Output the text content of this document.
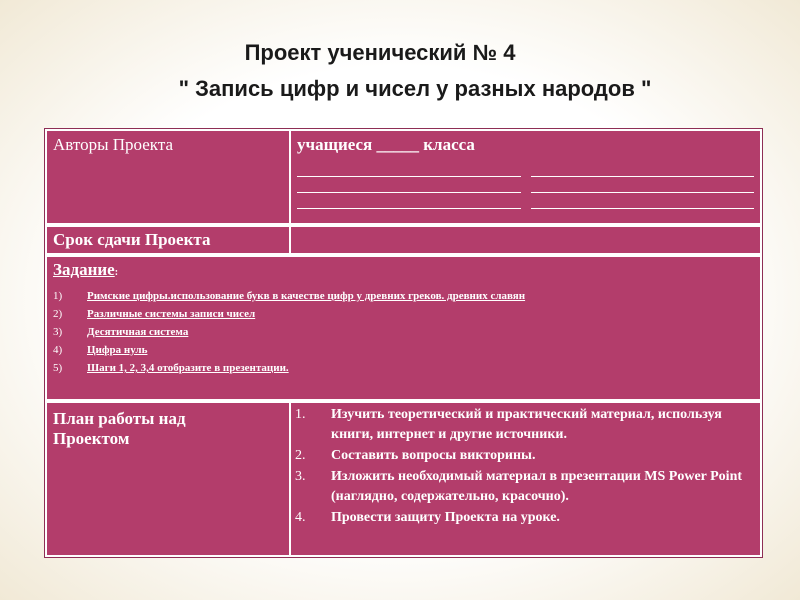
Проект ученический № 4
" Запись цифр и чисел у разных народов "
Авторы Проекта	учащиеся _____ класса
Срок сдачи Проекта
Задание:
1)	Римские цифры.использование букв в качестве цифр у древних греков. древних славян
2)	Различные системы записи чисел
3)	Десятичная система
4)	Цифра нуль
5)	Шаги 1, 2, 3,4 отобразите в презентации.
План работы над Проектом
1.	Изучить теоретический и практический материал, используя книги, интернет и другие источники.
2.	Составить вопросы викторины.
3.	Изложить необходимый материал в презентации MS Power Point (наглядно, содержательно, красочно).
4.	Провести защиту Проекта на уроке.
